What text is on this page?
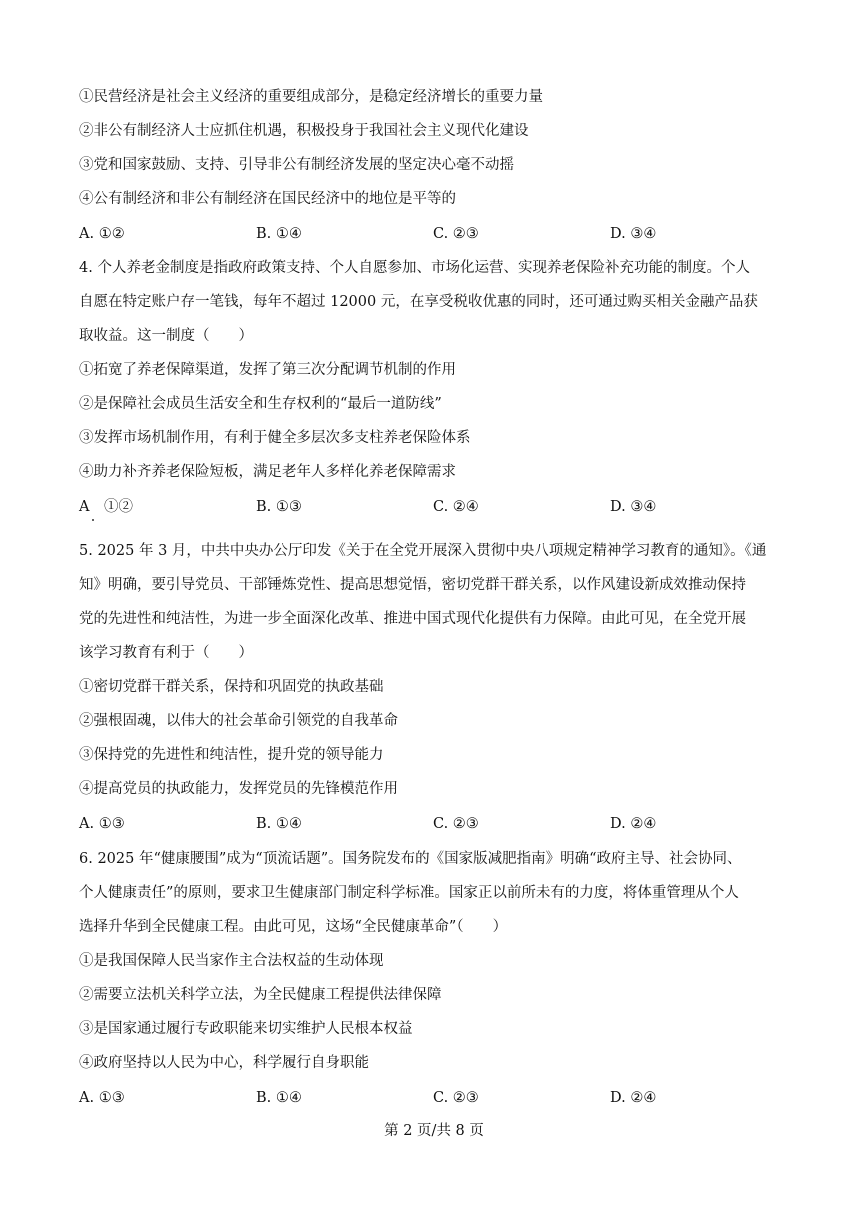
①民营经济是社会主义经济的重要组成部分，是稳定经济增长的重要力量
②非公有制经济人士应抓住机遇，积极投身于我国社会主义现代化建设
③党和国家鼓励、支持、引导非公有制经济发展的坚定决心毫不动摇
④公有制经济和非公有制经济在国民经济中的地位是平等的
A. ①②	B. ①④	C. ②③	D. ③④
4. 个人养老金制度是指政府政策支持、个人自愿参加、市场化运营、实现养老保险补充功能的制度。个人
自愿在特定账户存一笔钱，每年不超过 12000 元，在享受税收优惠的同时，还可通过购买相关金融产品获
取收益。这一制度（　　）
①拓宽了养老保障渠道，发挥了第三次分配调节机制的作用
②是保障社会成员生活安全和生存权利的“最后一道防线”
③发挥市场机制作用，有利于健全多层次多支柱养老保险体系
④助力补齐养老保险短板，满足老年人多样化养老保障需求
A　①②	B. ①③	C. ②④	D. ③④
5. 2025 年 3 月，中共中央办公厅印发《关于在全党开展深入贯彻中央八项规定精神学习教育的通知》。《通
知》明确，要引导党员、干部锤炼党性、提高思想觉悟，密切党群干群关系，以作风建设新成效推动保持
党的先进性和纯洁性，为进一步全面深化改革、推进中国式现代化提供有力保障。由此可见，在全党开展
该学习教育有利于（　　）
①密切党群干群关系，保持和巩固党的执政基础
②强根固魂，以伟大的社会革命引领党的自我革命
③保持党的先进性和纯洁性，提升党的领导能力
④提高党员的执政能力，发挥党员的先锋模范作用
A. ①③	B. ①④	C. ②③	D. ②④
6. 2025 年“健康腰围”成为“顶流话题”。国务院发布的《国家版减肥指南》明确“政府主导、社会协同、
个人健康责任”的原则，要求卫生健康部门制定科学标准。国家正以前所未有的力度，将体重管理从个人
选择升华到全民健康工程。由此可见，这场“全民健康革命”（　　）
①是我国保障人民当家作主合法权益的生动体现
②需要立法机关科学立法，为全民健康工程提供法律保障
③是国家通过履行专政职能来切实维护人民根本权益
④政府坚持以人民为中心，科学履行自身职能
A. ①③	B. ①④	C. ②③	D. ②④
第 2 页/共 8 页
